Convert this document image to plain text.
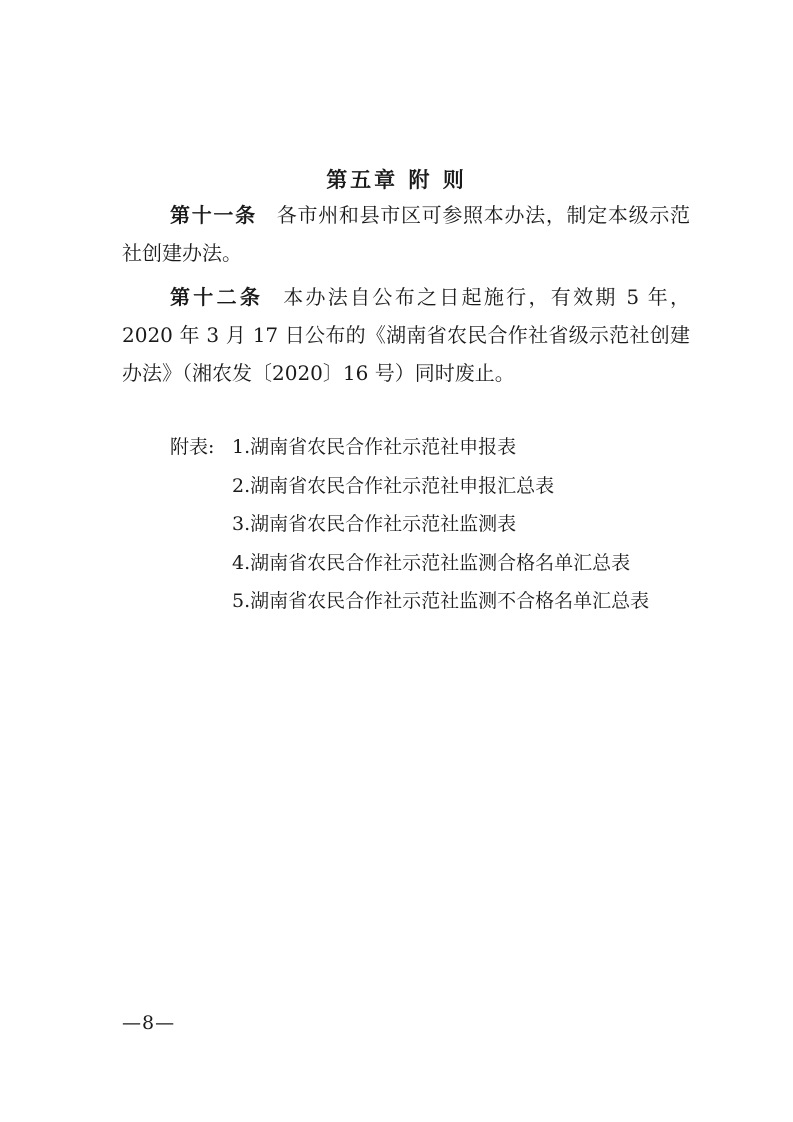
第五章 附 则

第十一条 各市州和县市区可参照本办法，制定本级示范社创建办法。

第十二条 本办法自公布之日起施行，有效期 5 年，2020 年 3 月 17 日公布的《湖南省农民合作社省级示范社创建办法》（湘农发〔2020〕16 号）同时废止。

附表: 1.湖南省农民合作社示范社申报表
2.湖南省农民合作社示范社申报汇总表
3.湖南省农民合作社示范社监测表
4.湖南省农民合作社示范社监测合格名单汇总表
5.湖南省农民合作社示范社监测不合格名单汇总表
—8—
